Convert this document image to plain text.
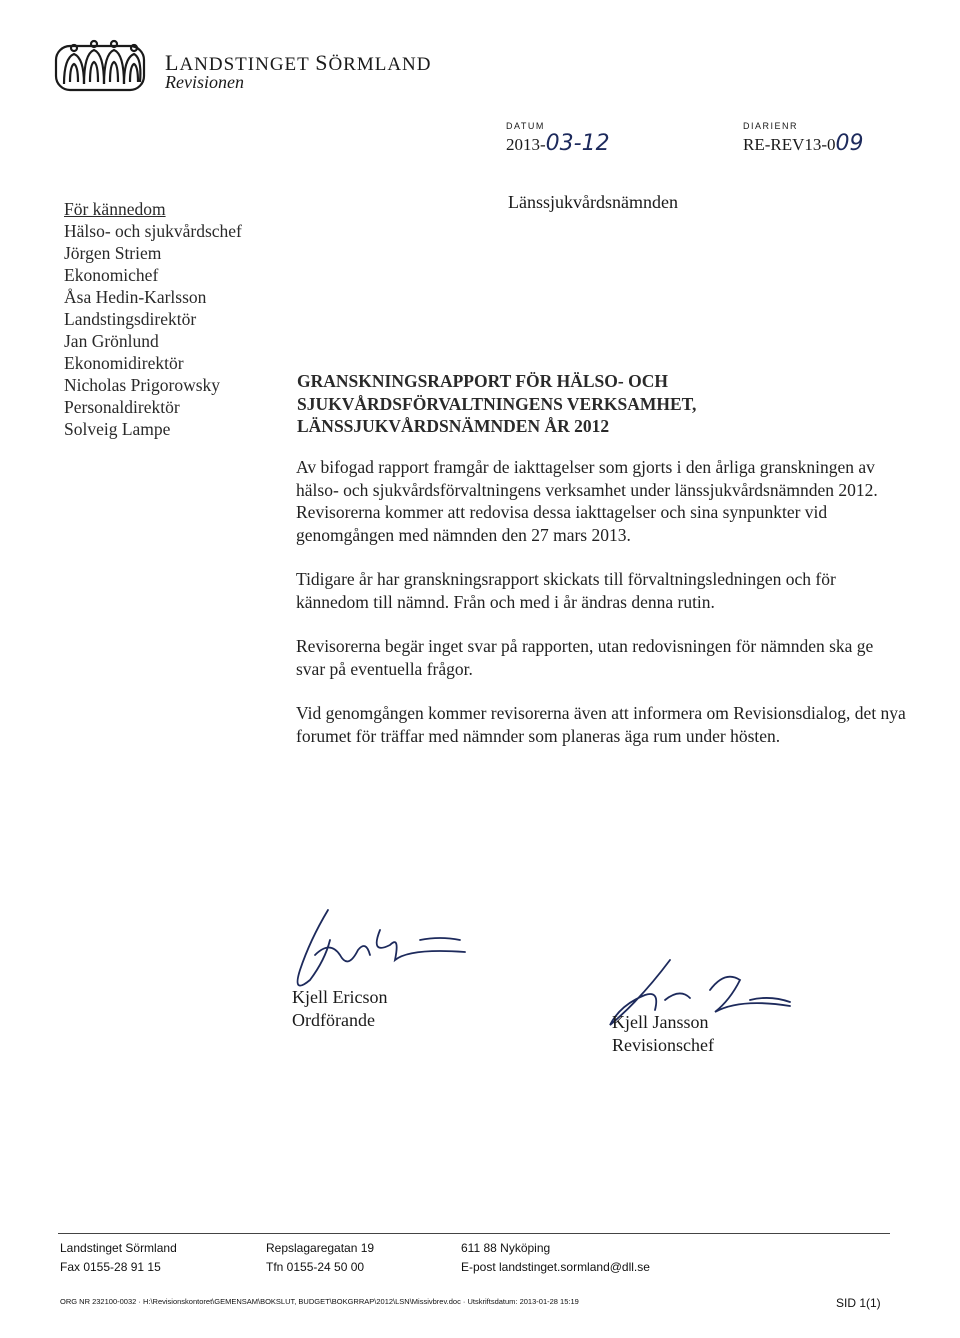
LANDSTINGET SÖRMLAND
Revisionen
DATUM
2013-03-12
DIARIENR
RE-REV13-009
För kännedom
Hälso- och sjukvårdschef
Jörgen Striem
Ekonomichef
Åsa Hedin-Karlsson
Landstingsdirektör
Jan Grönlund
Ekonomidirektör
Nicholas Prigorowsky
Personaldirektör
Solveig Lampe
Länssjukvårdsnämnden
GRANSKNINGSRAPPORT FÖR HÄLSO- OCH
SJUKVÅRDSFÖRVALTNINGENS VERKSAMHET,
LÄNSSJUKVÅRDSNÄMNDEN ÅR 2012

Av bifogad rapport framgår de iakttagelser som gjorts i den årliga granskningen av hälso- och sjukvårdsförvaltningens verksamhet under länssjukvårdsnämnden 2012. Revisorerna kommer att redovisa dessa iakttagelser och sina synpunkter vid genomgången med nämnden den 27 mars 2013.

Tidigare år har granskningsrapport skickats till förvaltningsledningen och för kännedom till nämnd. Från och med i år ändras denna rutin.

Revisorerna begär inget svar på rapporten, utan redovisningen för nämnden ska ge svar på eventuella frågor.

Vid genomgången kommer revisorerna även att informera om Revisionsdialog, det nya forumet för träffar med nämnder som planeras äga rum under hösten.

Kjell Ericson
Ordförande	Kjell Jansson
Revisionschef
Landstinget Sörmland
Fax 0155-28 91 15
Repslagaregatan 19
Tfn 0155-24 50 00
611 88 Nyköping
E-post landstinget.sormland@dll.se
ORG NR 232100-0032 · H:\Revisionskontoret\GEMENSAM\BOKSLUT, BUDGET\BOKGRRAP\2012\LSN\Missivbrev.doc · Utskriftsdatum: 2013-01-28 15:19	SID 1(1)
